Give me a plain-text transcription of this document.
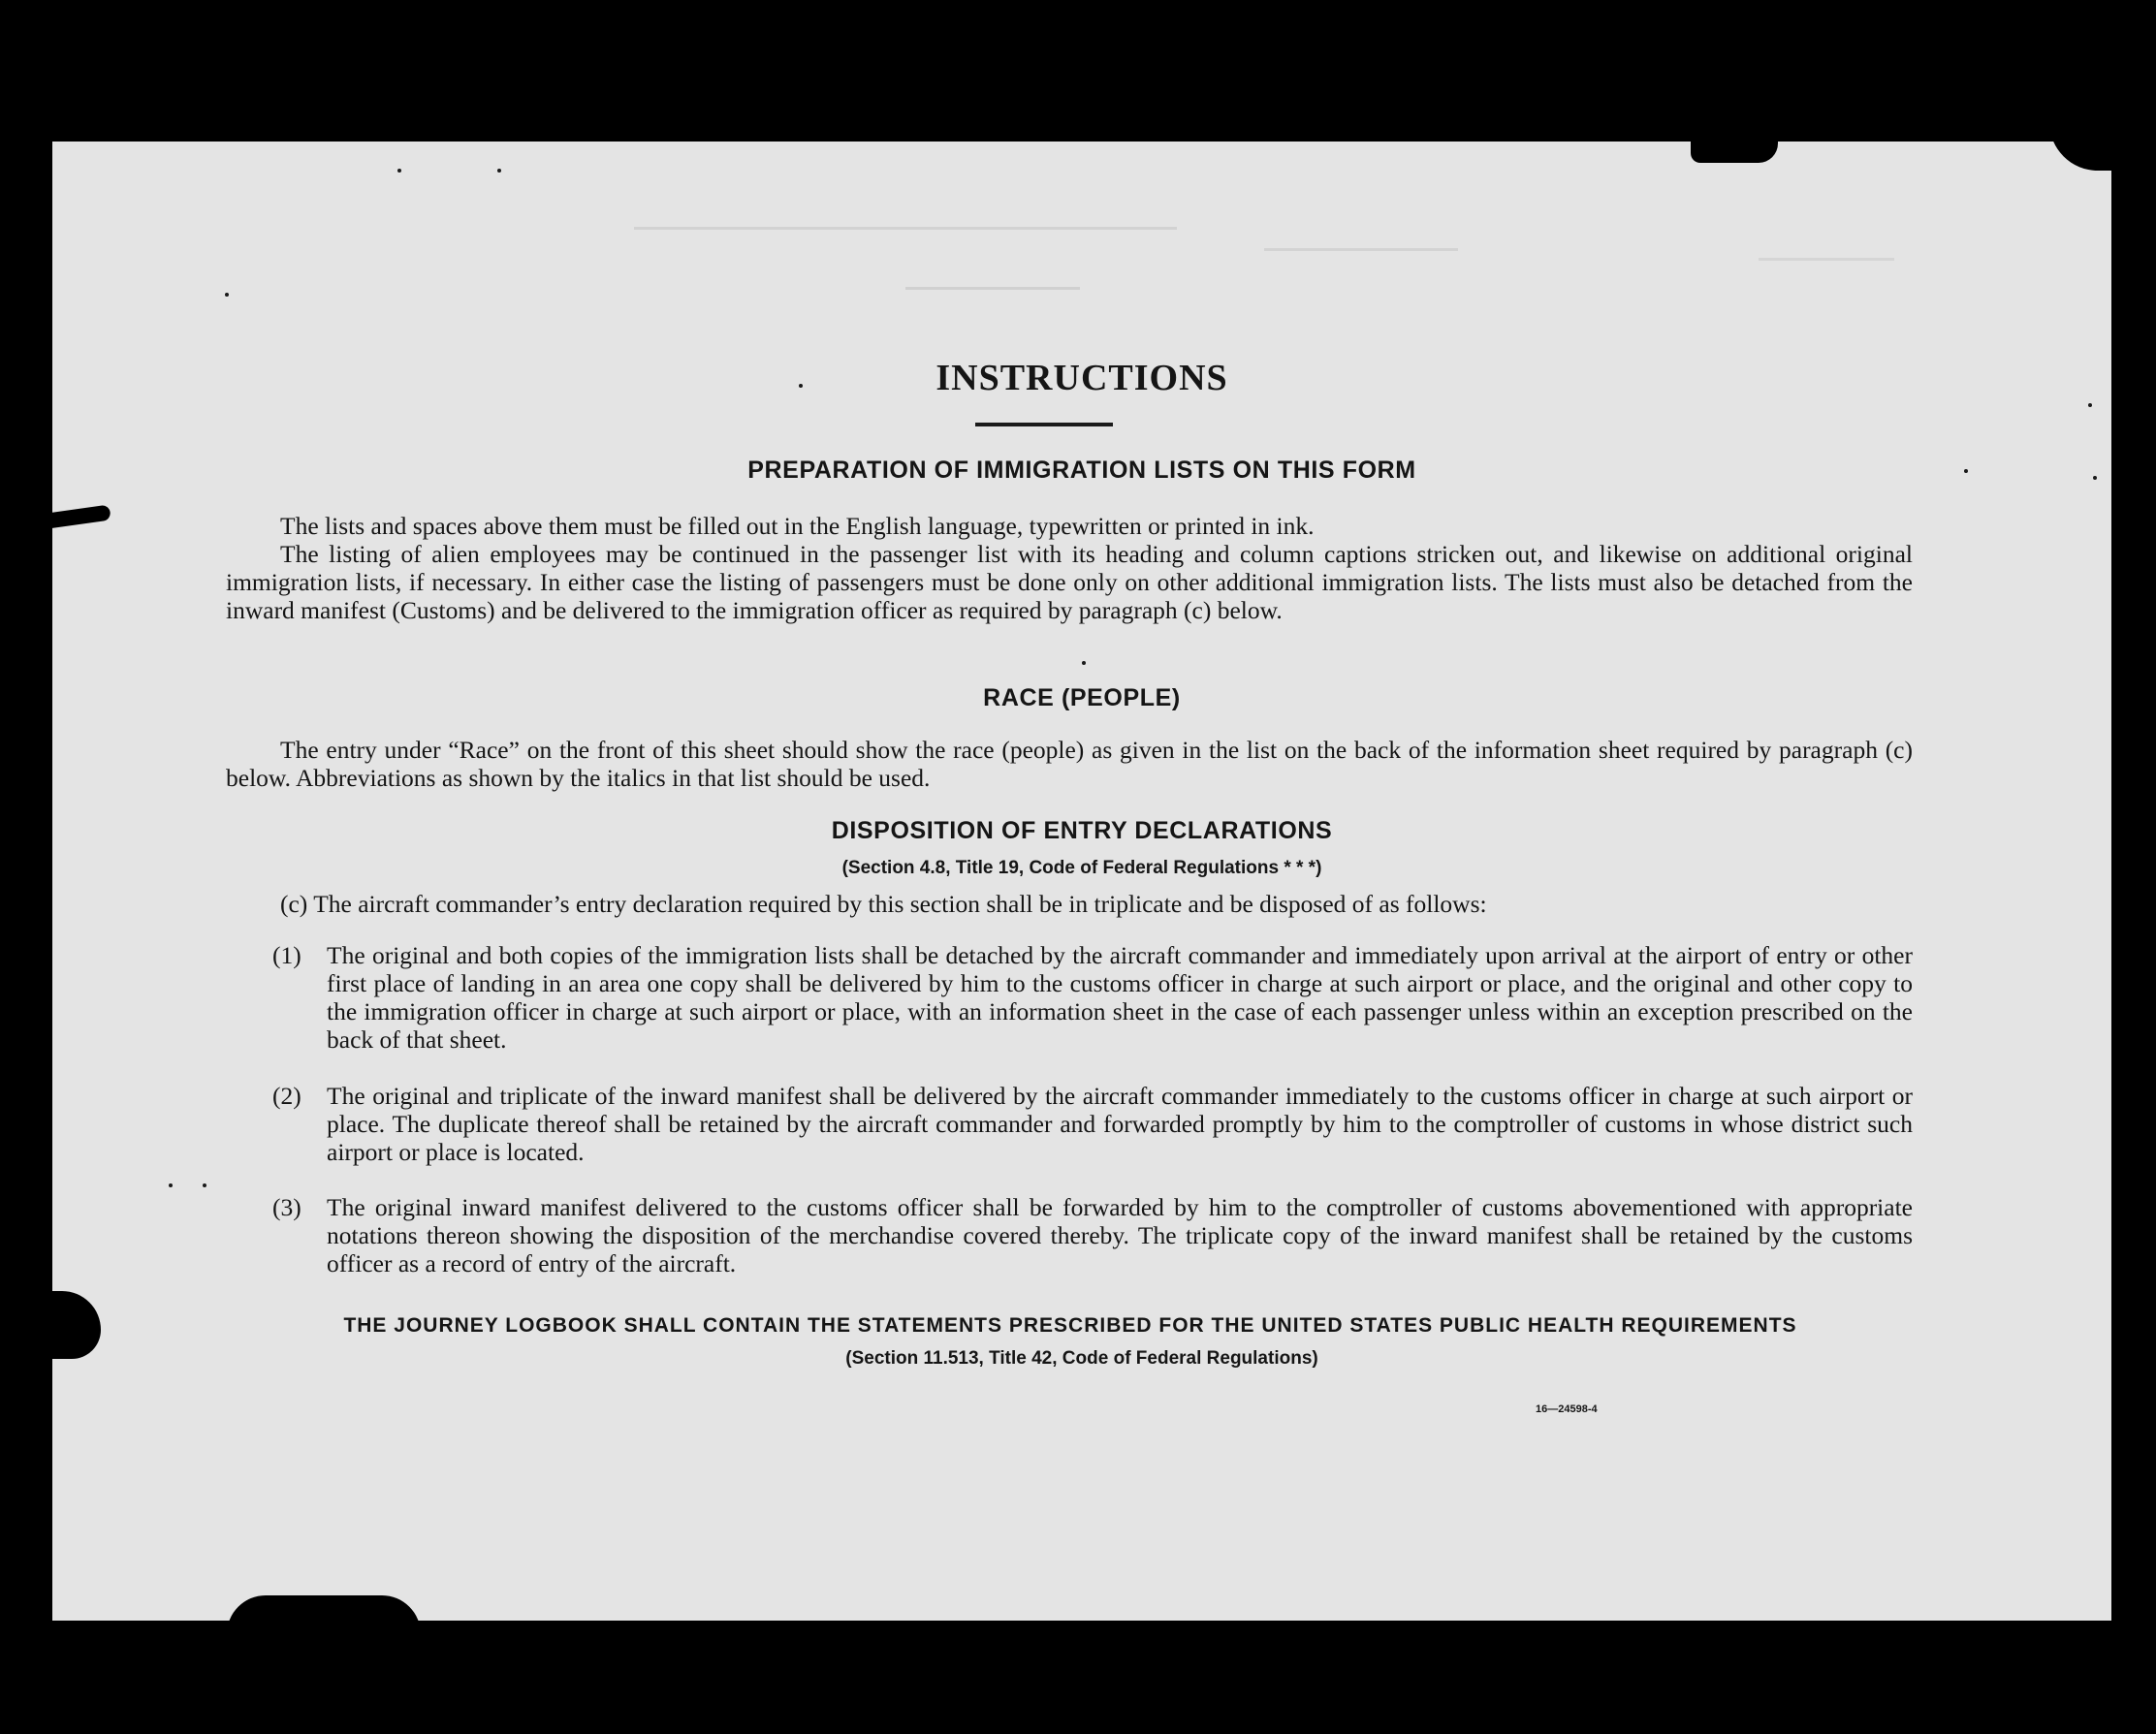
INSTRUCTIONS
PREPARATION OF IMMIGRATION LISTS ON THIS FORM

The lists and spaces above them must be filled out in the English language, typewritten or printed in ink.

The listing of alien employees may be continued in the passenger list with its heading and column captions stricken out, and likewise on additional original immigration lists, if necessary. In either case the listing of passengers must be done only on other additional immigration lists. The lists must also be detached from the inward manifest (Customs) and be delivered to the immigration officer as required by paragraph (c) below.

RACE (PEOPLE)

The entry under “Race” on the front of this sheet should show the race (people) as given in the list on the back of the information sheet required by paragraph (c) below. Abbreviations as shown by the italics in that list should be used.

DISPOSITION OF ENTRY DECLARATIONS

(Section 4.8, Title 19, Code of Federal Regulations * * *)

(c) The aircraft commander’s entry declaration required by this section shall be in triplicate and be disposed of as follows:

(1) The original and both copies of the immigration lists shall be detached by the aircraft commander and immediately upon arrival at the airport of entry or other first place of landing in an area one copy shall be delivered by him to the customs officer in charge at such airport or place, and the original and other copy to the immigration officer in charge at such airport or place, with an information sheet in the case of each passenger unless within an exception prescribed on the back of that sheet.
(2) The original and triplicate of the inward manifest shall be delivered by the aircraft commander immediately to the customs officer in charge at such airport or place. The duplicate thereof shall be retained by the aircraft commander and forwarded promptly by him to the comptroller of customs in whose district such airport or place is located.
(3) The original inward manifest delivered to the customs officer shall be forwarded by him to the comptroller of customs abovementioned with appropriate notations thereon showing the disposition of the merchandise covered thereby. The triplicate copy of the inward manifest shall be retained by the customs officer as a record of entry of the aircraft.

THE JOURNEY LOGBOOK SHALL CONTAIN THE STATEMENTS PRESCRIBED FOR THE UNITED STATES PUBLIC HEALTH REQUIREMENTS

(Section 11.513, Title 42, Code of Federal Regulations)

16—24598-4
